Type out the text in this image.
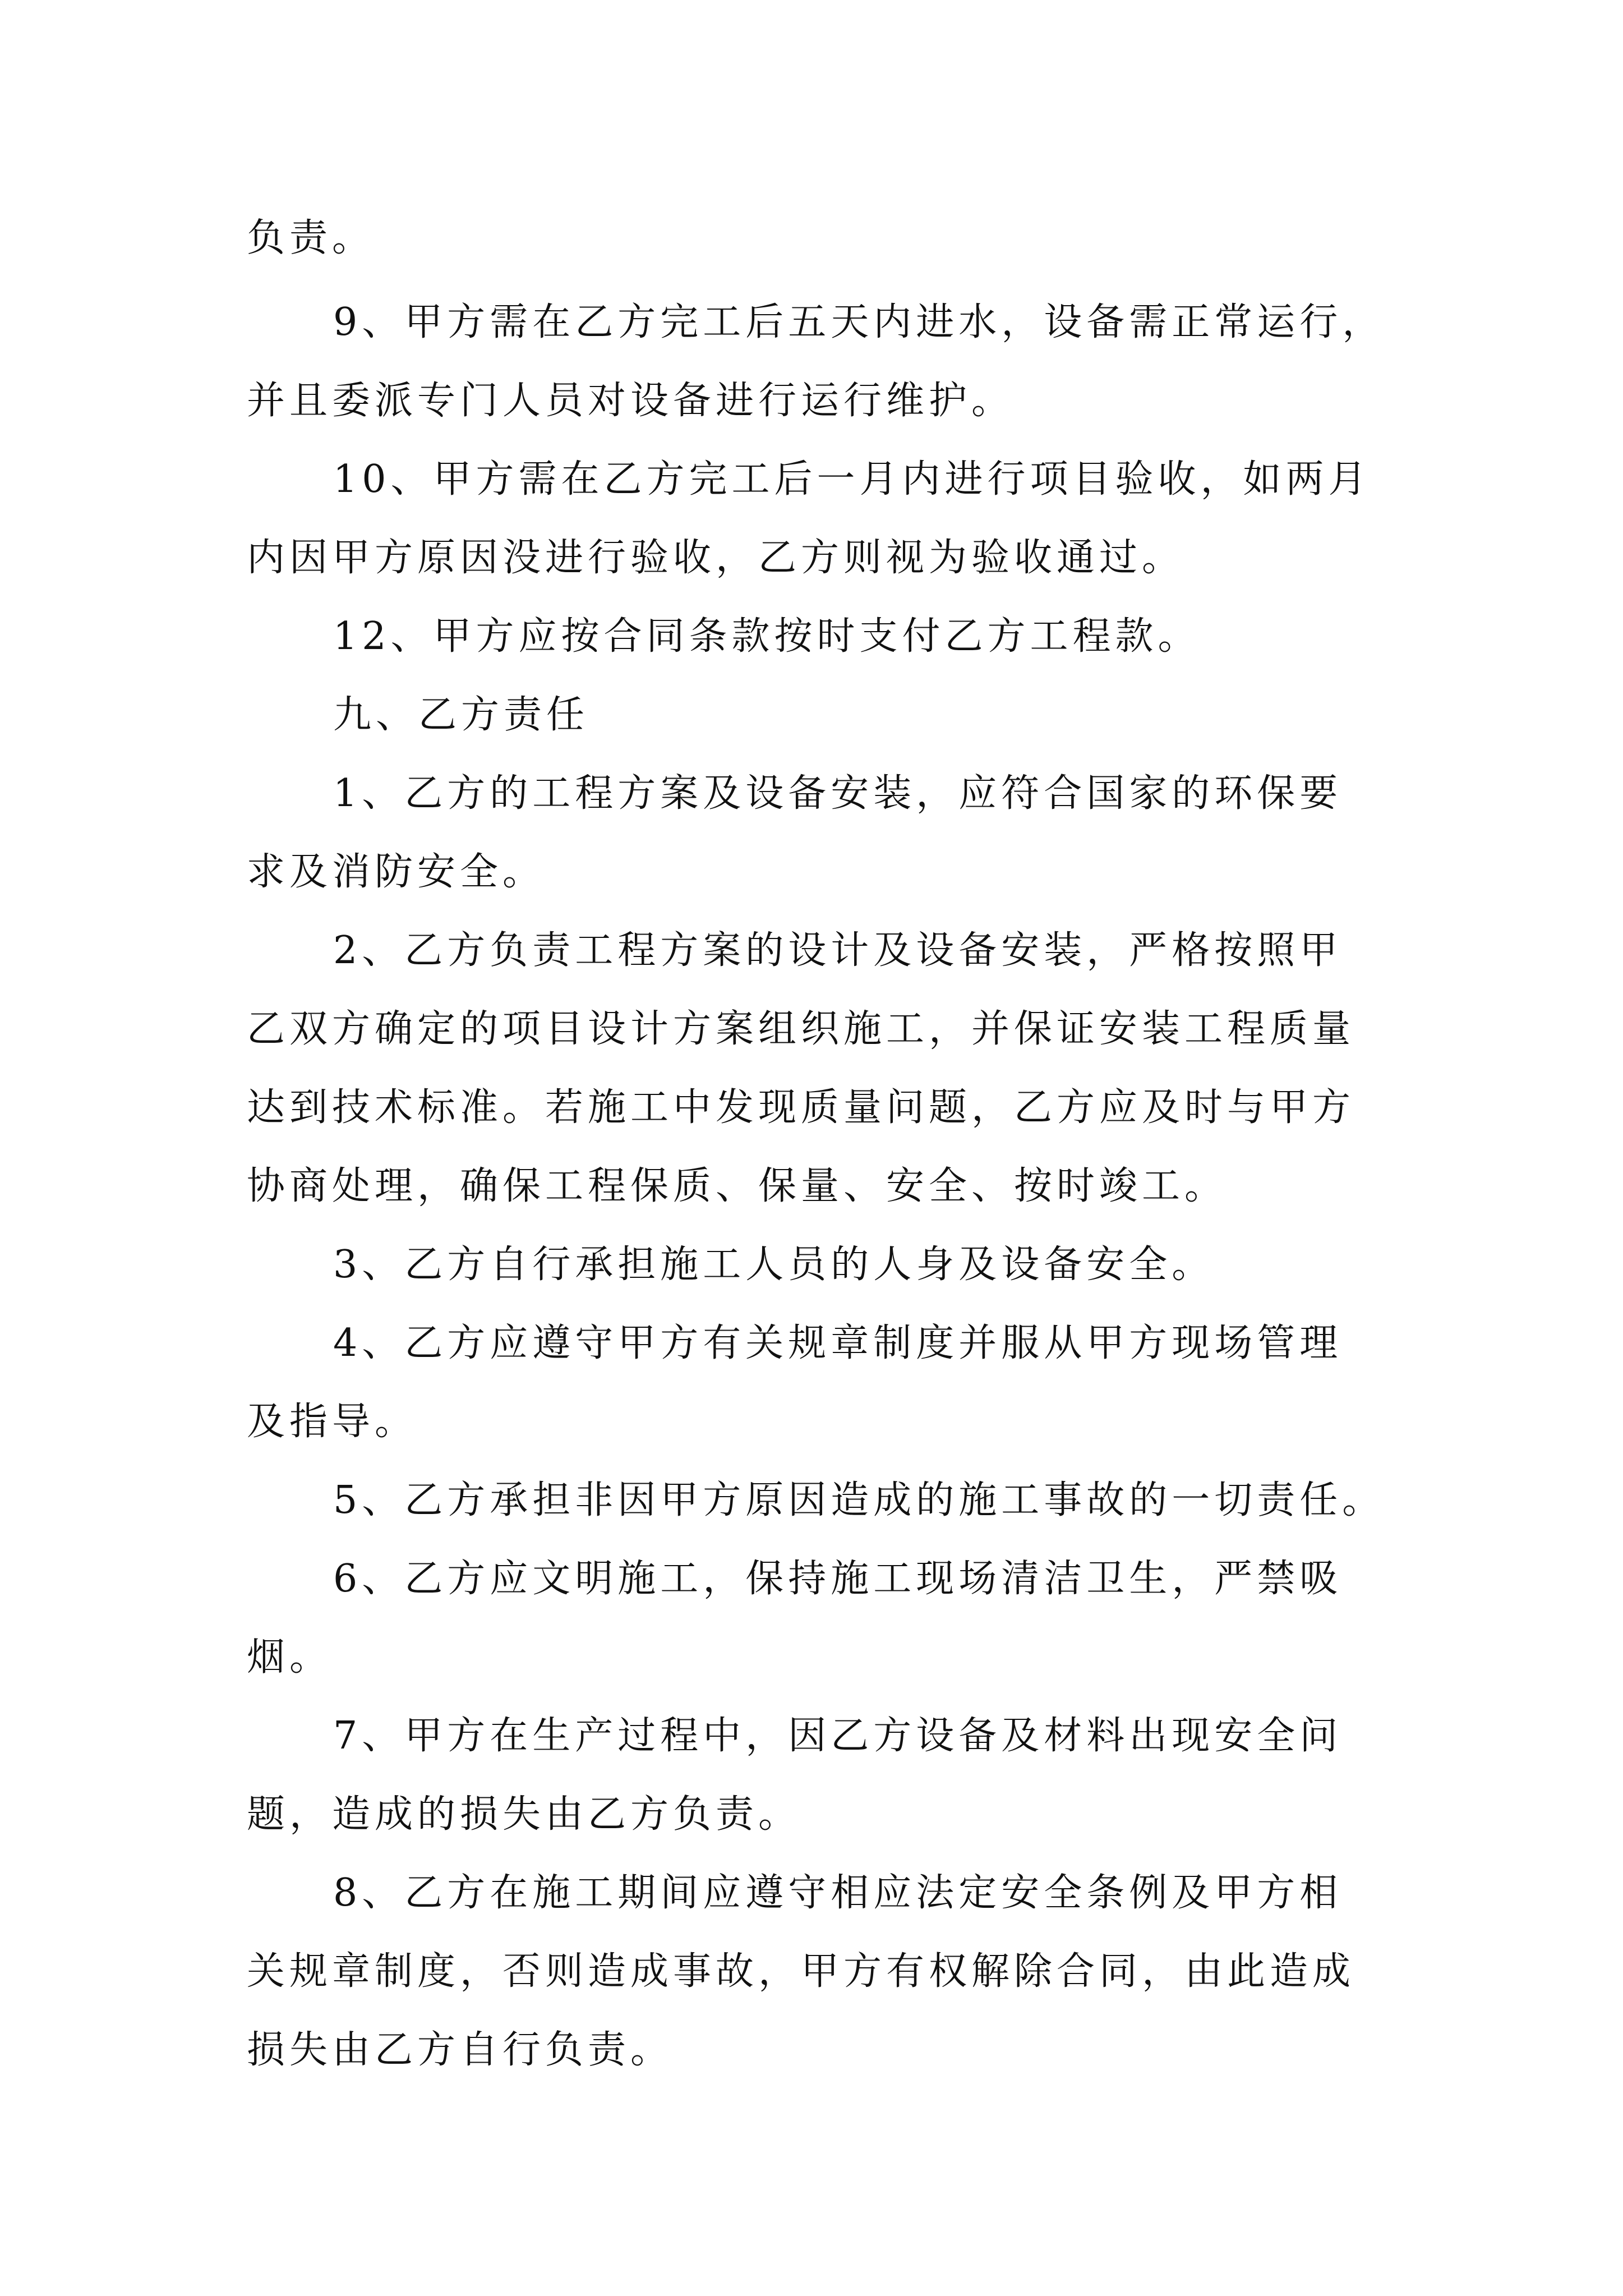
负责。
9、甲方需在乙方完工后五天内进水，设备需正常运行，
并且委派专门人员对设备进行运行维护。
10、甲方需在乙方完工后一月内进行项目验收，如两月
内因甲方原因没进行验收，乙方则视为验收通过。
12、甲方应按合同条款按时支付乙方工程款。
九、乙方责任
1、乙方的工程方案及设备安装，应符合国家的环保要
求及消防安全。
2、乙方负责工程方案的设计及设备安装，严格按照甲
乙双方确定的项目设计方案组织施工，并保证安装工程质量
达到技术标准。若施工中发现质量问题，乙方应及时与甲方
协商处理，确保工程保质、保量、安全、按时竣工。
3、乙方自行承担施工人员的人身及设备安全。
4、乙方应遵守甲方有关规章制度并服从甲方现场管理
及指导。
5、乙方承担非因甲方原因造成的施工事故的一切责任。
6、乙方应文明施工，保持施工现场清洁卫生，严禁吸
烟。
7、甲方在生产过程中，因乙方设备及材料出现安全问
题，造成的损失由乙方负责。
8、乙方在施工期间应遵守相应法定安全条例及甲方相
关规章制度，否则造成事故，甲方有权解除合同，由此造成
损失由乙方自行负责。
